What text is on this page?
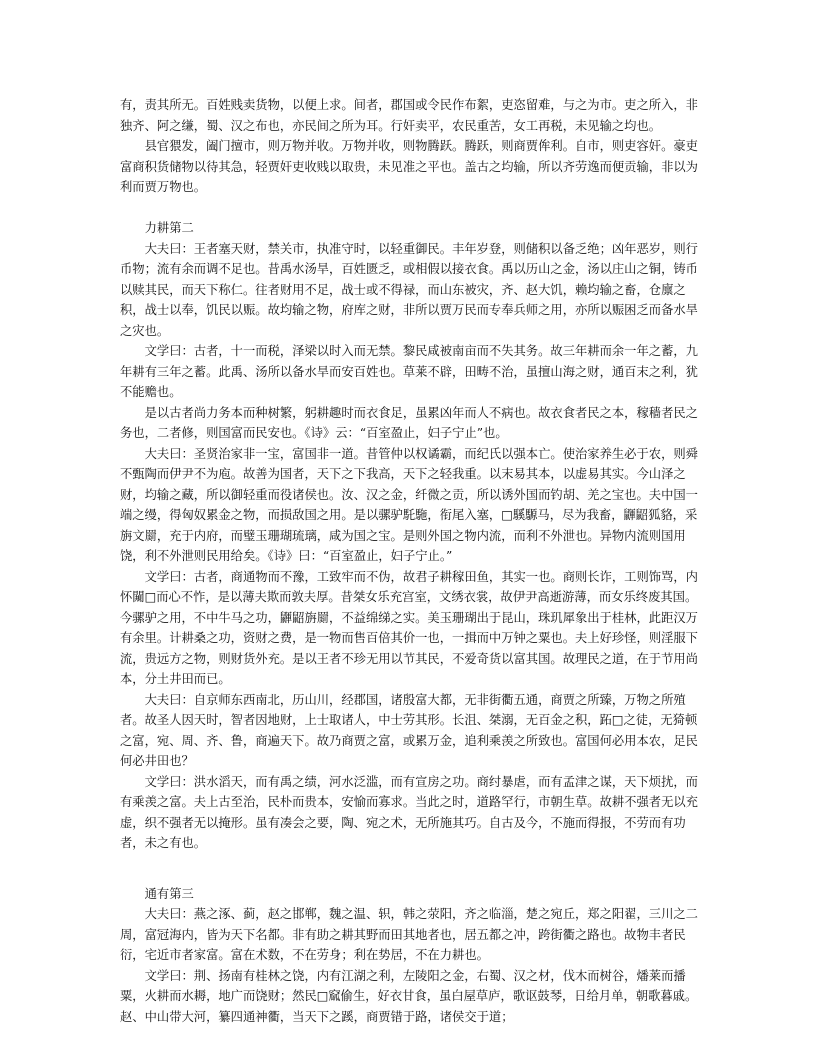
有，责其所无。百姓贱卖货物，以便上求。间者，郡国或令民作布絮，吏恣留难，与之为市。吏之所入，非独齐、阿之缣，蜀、汉之布也，亦民间之所为耳。行奸卖平，农民重苦，女工再税，未见输之均也。

县官猥发，阖门擅市，则万物并收。万物并收，则物腾跃。腾跃，则商贾侔利。自市，则吏容奸。豪吏富商积货储物以待其急，轻贾奸吏收贱以取贵，未见准之平也。盖古之均输，所以齐劳逸而便贡输，非以为利而贾万物也。

力耕第二

大夫曰：王者塞天财，禁关市，执准守时，以轻重御民。丰年岁登，则储积以备乏绝；凶年恶岁，则行币物；流有余而调不足也。昔禹水汤旱，百姓匮乏，或相假以接衣食。禹以历山之金，汤以庄山之铜，铸币以赎其民，而天下称仁。往者财用不足，战士或不得禄，而山东被灾，齐、赵大饥，赖均输之畜，仓廪之积，战士以奉，饥民以赈。故均输之物，府库之财，非所以贾万民而专奉兵师之用，亦所以赈困乏而备水旱之灾也。

文学曰：古者，十一而税，泽梁以时入而无禁。黎民咸被南亩而不失其务。故三年耕而余一年之蓄，九年耕有三年之蓄。此禹、汤所以备水旱而安百姓也。草莱不辟，田畴不治，虽擅山海之财，通百末之利，犹不能赡也。

是以古者尚力务本而种树繁，躬耕趣时而衣食足，虽累凶年而人不病也。故衣食者民之本，稼穑者民之务也，二者修，则国富而民安也。《诗》云：“百室盈止，妇子宁止”也。

大夫曰：圣贤治家非一宝，富国非一道。昔管仲以权谲霸，而纪氏以强本亡。使治家养生必于农，则舜不甄陶而伊尹不为庖。故善为国者，天下之下我高，天下之轻我重。以末易其本，以虚易其实。今山泽之财，均输之藏，所以御轻重而役诸侯也。汝、汉之金，纤微之贡，所以诱外国而钓胡、羌之宝也。夫中国一端之缦，得匈奴累金之物，而损敌国之用。是以骡驴馲駞，衔尾入塞，□騱騵马，尽为我畜，鼲鼦狐貉，采旃文罽，充于内府，而璧玉珊瑚琉璃，咸为国之宝。是则外国之物内流，而利不外泄也。异物内流则国用饶，利不外泄则民用给矣。《诗》曰：“百室盈止，妇子宁止。”

文学曰：古者，商通物而不豫，工致牢而不伪，故君子耕稼田鱼，其实一也。商则长诈，工则饰骂，内怀闚□而心不怍，是以薄夫欺而敦夫厚。昔桀女乐充宫室，文绣衣裳，故伊尹高逝游薄，而女乐终废其国。今骡驴之用，不中牛马之功，鼲鼦旃罽，不益绵绨之实。美玉珊瑚出于昆山，珠玑犀象出于桂林，此距汉万有余里。计耕桑之功，资财之费，是一物而售百倍其价一也，一揖而中万钟之粟也。夫上好珍怪，则淫服下流，贵远方之物，则财货外充。是以王者不珍无用以节其民，不爱奇货以富其国。故理民之道，在于节用尚本，分土井田而已。

大夫曰：自京师东西南北，历山川，经郡国，诸殷富大都，无非街衢五通，商贾之所臻，万物之所殖者。故圣人因天时，智者因地财，上士取诸人，中士劳其形。长沮、桀溺，无百金之积，跖□之徒，无猗顿之富，宛、周、齐、鲁，商遍天下。故乃商贾之富，或累万金，追利乘羡之所致也。富国何必用本农，足民何必井田也？

文学曰：洪水滔天，而有禹之绩，河水泛滥，而有宣房之功。商纣暴虐，而有孟津之谋，天下烦扰，而有乘羡之富。夫上古至治，民朴而贵本，安愉而寡求。当此之时，道路罕行，市朝生草。故耕不强者无以充虚，织不强者无以掩形。虽有凑会之要，陶、宛之术，无所施其巧。自古及今，不施而得报，不劳而有功者，未之有也。

通有第三

大夫曰：燕之涿、蓟，赵之邯郸，魏之温、轵，韩之荥阳，齐之临淄，楚之宛丘，郑之阳翟，三川之二周，富冠海内，皆为天下名都。非有助之耕其野而田其地者也，居五都之冲，跨街衢之路也。故物丰者民衍，宅近市者家富。富在术数，不在劳身；利在势居，不在力耕也。

文学曰：荆、扬南有桂林之饶，内有江湖之利，左陵阳之金，右蜀、汉之材，伐木而树谷，燔莱而播粟，火耕而水耨，地广而饶财；然民□窳偷生，好衣甘食，虽白屋草庐，歌讴鼓琴，日给月单，朝歌暮戚。赵、中山带大河，纂四通神衢，当天下之蹊，商贾错于路，诸侯交于道；
